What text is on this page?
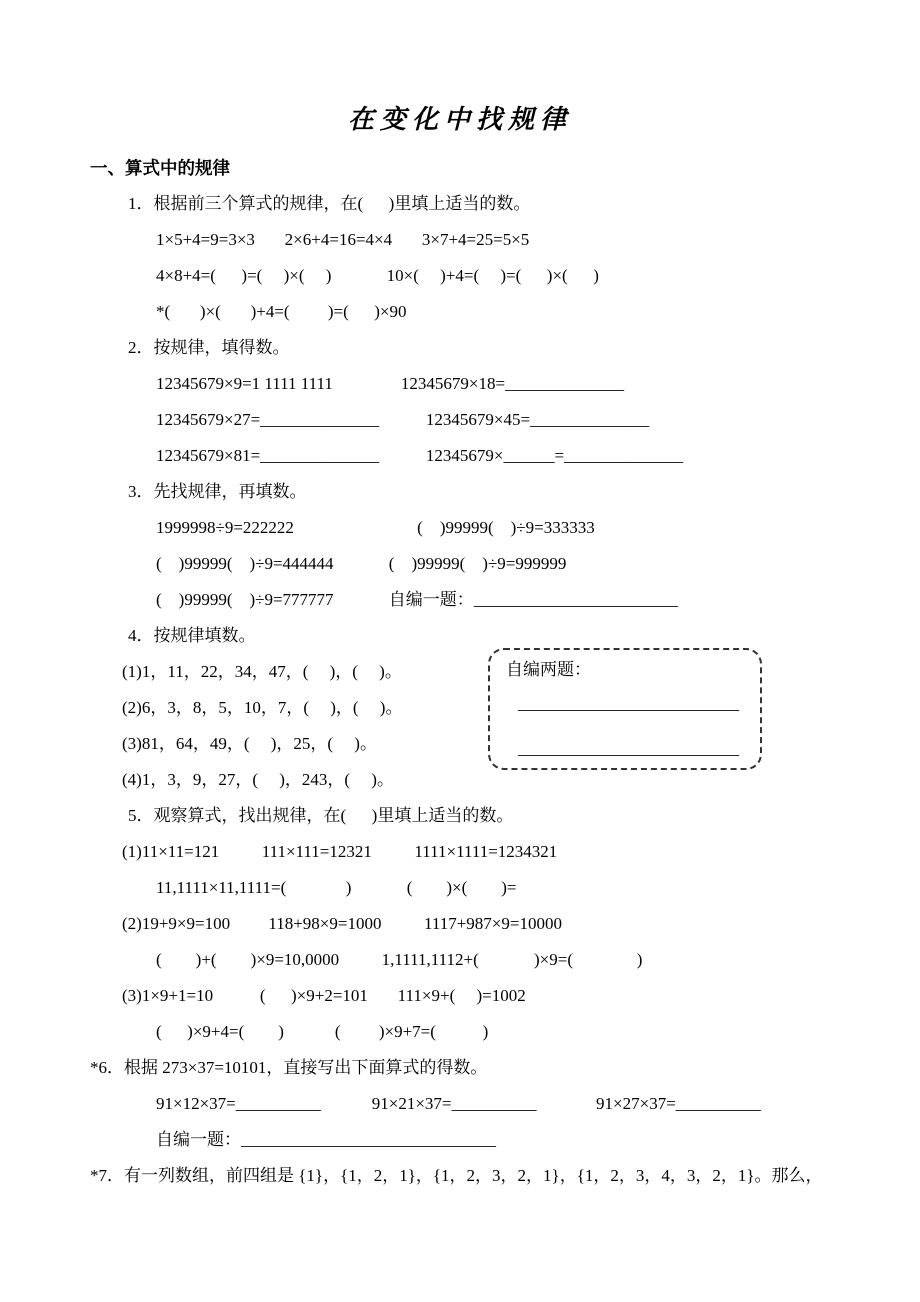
在变化中找规律
一、算式中的规律
1．根据前三个算式的规律，在(      )里填上适当的数。
1×5+4=9=3×3       2×6+4=16=4×4       3×7+4=25=5×5
4×8+4=(      )=(     )×(     )             10×(     )+4=(     )=(      )×(      )
*(       )×(       )+4=(         )=(      )×90
2．按规律，填得数。
12345679×9=1 1111 1111                12345679×18=______________
12345679×27=______________           12345679×45=______________
12345679×81=______________           12345679×______=______________
3．先找规律，再填数。
1999998÷9=222222                             (    )99999(    )÷9=333333
(    )99999(    )÷9=444444             (    )99999(    )÷9=999999
(    )99999(    )÷9=777777             自编一题：________________________
4．按规律填数。
(1)1，11，22，34，47，(     )，(     )。
(2)6，3，8，5，10，7，(     )，(     )。
(3)81，64，49，(     )，25，(     )。
(4)1，3，9，27，(     )，243，(     )。
5．观察算式，找出规律，在(      )里填上适当的数。
(1)11×11=121          111×111=12321          1111×1111=1234321
11,1111×11,1111=(              )             (        )×(        )=
(2)19+9×9=100         118+98×9=1000          1117+987×9=10000
(        )+(        )×9=10,0000          1,1111,1112+(             )×9=(               )
(3)1×9+1=10           (      )×9+2=101       111×9+(     )=1002
(      )×9+4=(        )            (         )×9+7=(           )
*6．根据 273×37=10101，直接写出下面算式的得数。
91×12×37=__________            91×21×37=__________              91×27×37=__________
自编一题：______________________________
*7．有一列数组，前四组是 {1}，{1，2，1}，{1，2，3，2，1}，{1，2，3，4，3，2，1}。那么，
自编两题：
__________________________
__________________________
